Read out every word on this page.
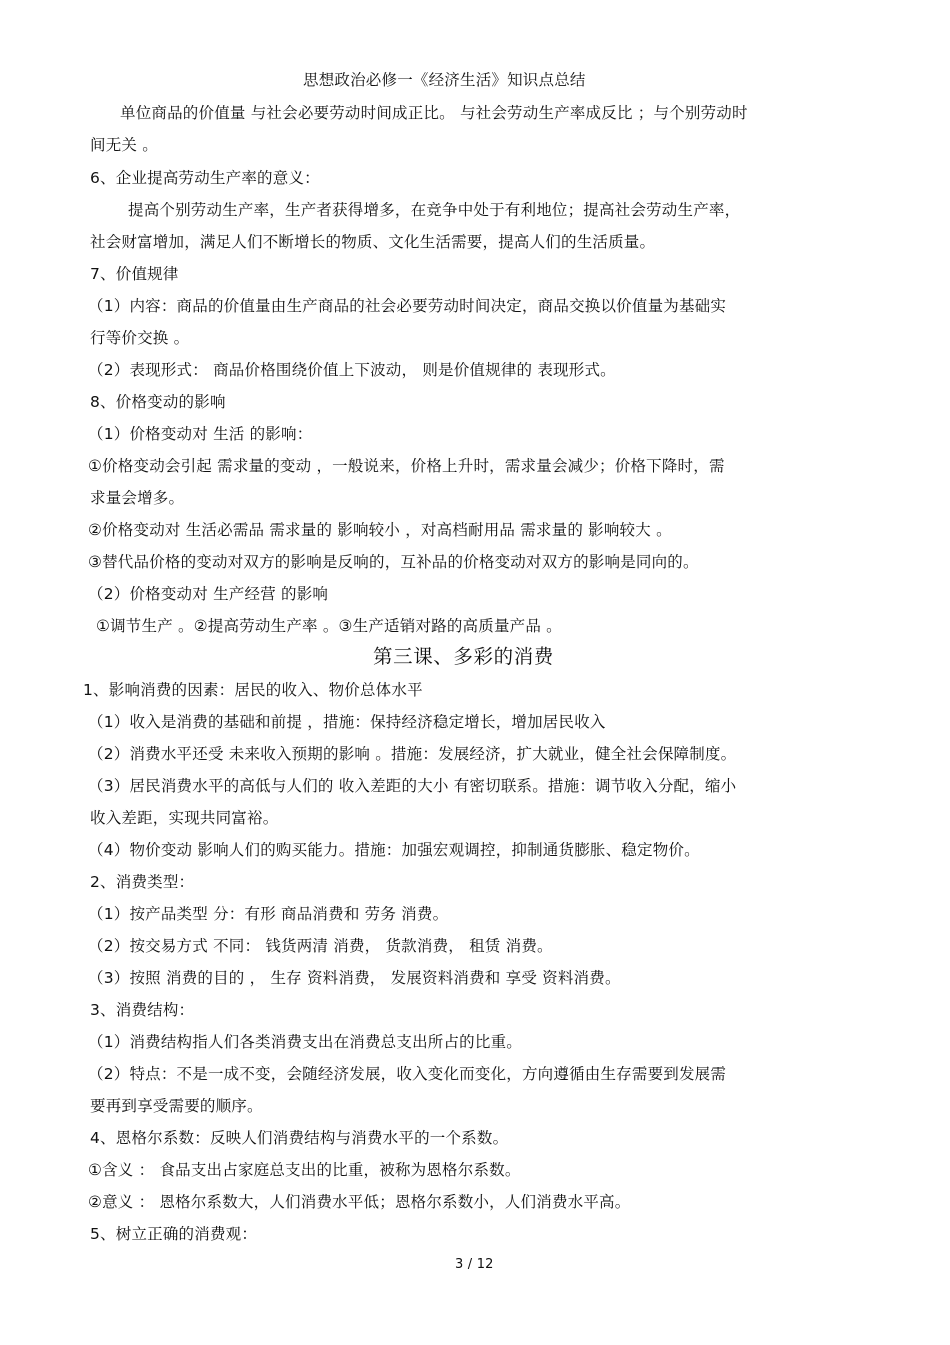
思想政治必修一《经济生活》知识点总结
单位商品的价值量 与社会必要劳动时间成正比。 与社会劳动生产率成反比 ；与个别劳动时
间无关 。
6、企业提高劳动生产率的意义：
提高个别劳动生产率，生产者获得增多，在竞争中处于有利地位；提高社会劳动生产率，
社会财富增加，满足人们不断增长的物质、文化生活需要，提高人们的生活质量。
7、价值规律
（1）内容：商品的价值量由生产商品的社会必要劳动时间决定，商品交换以价值量为基础实
行等价交换 。
（2）表现形式： 商品价格围绕价值上下波动， 则是价值规律的 表现形式。
8、价格变动的影响
（1）价格变动对 生活 的影响：
①价格变动会引起 需求量的变动 ，一般说来，价格上升时，需求量会减少；价格下降时，需
求量会增多。
②价格变动对 生活必需品 需求量的 影响较小 ，对高档耐用品 需求量的 影响较大 。
③替代品价格的变动对双方的影响是反响的，互补品的价格变动对双方的影响是同向的。
（2）价格变动对 生产经营 的影响
①调节生产 。②提高劳动生产率 。③生产适销对路的高质量产品 。
第三课、多彩的消费
1、影响消费的因素：居民的收入、物价总体水平
（1）收入是消费的基础和前提 ，措施：保持经济稳定增长，增加居民收入
（2）消费水平还受 未来收入预期的影响 。措施：发展经济，扩大就业，健全社会保障制度。
（3）居民消费水平的高低与人们的 收入差距的大小 有密切联系。措施：调节收入分配，缩小
收入差距，实现共同富裕。
（4）物价变动 影响人们的购买能力。措施：加强宏观调控，抑制通货膨胀、稳定物价。
2、消费类型：
（1）按产品类型 分：有形 商品消费和 劳务 消费。
（2）按交易方式 不同： 钱货两清 消费， 货款消费， 租赁 消费。
（3）按照 消费的目的 ， 生存 资料消费， 发展资料消费和 享受 资料消费。
3、消费结构：
（1）消费结构指人们各类消费支出在消费总支出所占的比重。
（2）特点：不是一成不变，会随经济发展，收入变化而变化，方向遵循由生存需要到发展需
要再到享受需要的顺序。
4、恩格尔系数：反映人们消费结构与消费水平的一个系数。
①含义 ： 食品支出占家庭总支出的比重，被称为恩格尔系数。
②意义 ： 恩格尔系数大，人们消费水平低；恩格尔系数小，人们消费水平高。
5、树立正确的消费观：
3 / 12
